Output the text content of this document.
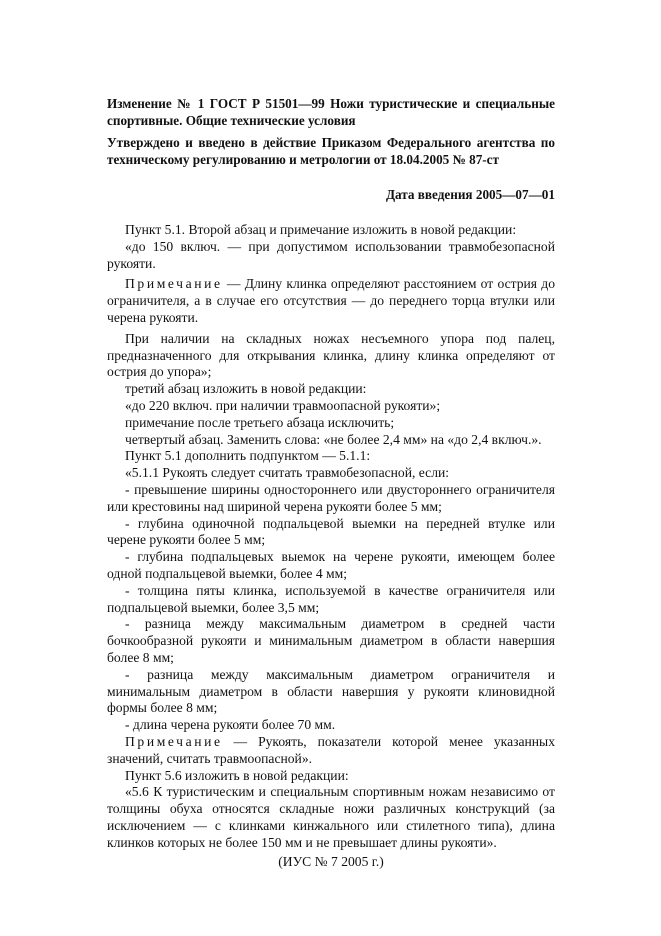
Изменение № 1 ГОСТ Р 51501—99 Ножи туристические и специальные спортивные. Общие технические условия

Утверждено и введено в действие Приказом Федерального агентства по техническому регулированию и метрологии от 18.04.2005 № 87-ст

Дата введения 2005—07—01

Пункт 5.1. Второй абзац и примечание изложить в новой редакции:

«до 150 включ. — при допустимом использовании травмобезопасной рукояти.

Примечание — Длину клинка определяют расстоянием от острия до ограничителя, а в случае его отсутствия — до переднего торца втулки или черена рукояти.

При наличии на складных ножах несъемного упора под палец, предназначенного для открывания клинка, длину клинка определяют от острия до упора»;

третий абзац изложить в новой редакции:

«до 220 включ. при наличии травмоопасной рукояти»;

примечание после третьего абзаца исключить;

четвертый абзац. Заменить слова: «не более 2,4 мм» на «до 2,4 включ.».

Пункт 5.1 дополнить подпунктом — 5.1.1:

«5.1.1 Рукоять следует считать травмобезопасной, если:

- превышение ширины одностороннего или двустороннего ограничителя или крестовины над шириной черена рукояти более 5 мм;

- глубина одиночной подпальцевой выемки на передней втулке или черене рукояти более 5 мм;

- глубина подпальцевых выемок на черене рукояти, имеющем более одной подпальцевой выемки, более 4 мм;

- толщина пяты клинка, используемой в качестве ограничителя или подпальцевой выемки, более 3,5 мм;

- разница между максимальным диаметром в средней части бочкообразной рукояти и минимальным диаметром в области навершия более 8 мм;

- разница между максимальным диаметром ограничителя и минимальным диаметром в области навершия у рукояти клиновидной формы более 8 мм;

- длина черена рукояти более 70 мм.

Примечание — Рукоять, показатели которой менее указанных значений, считать травмоопасной».

Пункт 5.6 изложить в новой редакции:

«5.6 К туристическим и специальным спортивным ножам независимо от толщины обуха относятся складные ножи различных конструкций (за исключением — с клинками кинжального или стилетного типа), длина клинков которых не более 150 мм и не превышает длины рукояти».

(ИУС № 7 2005 г.)
